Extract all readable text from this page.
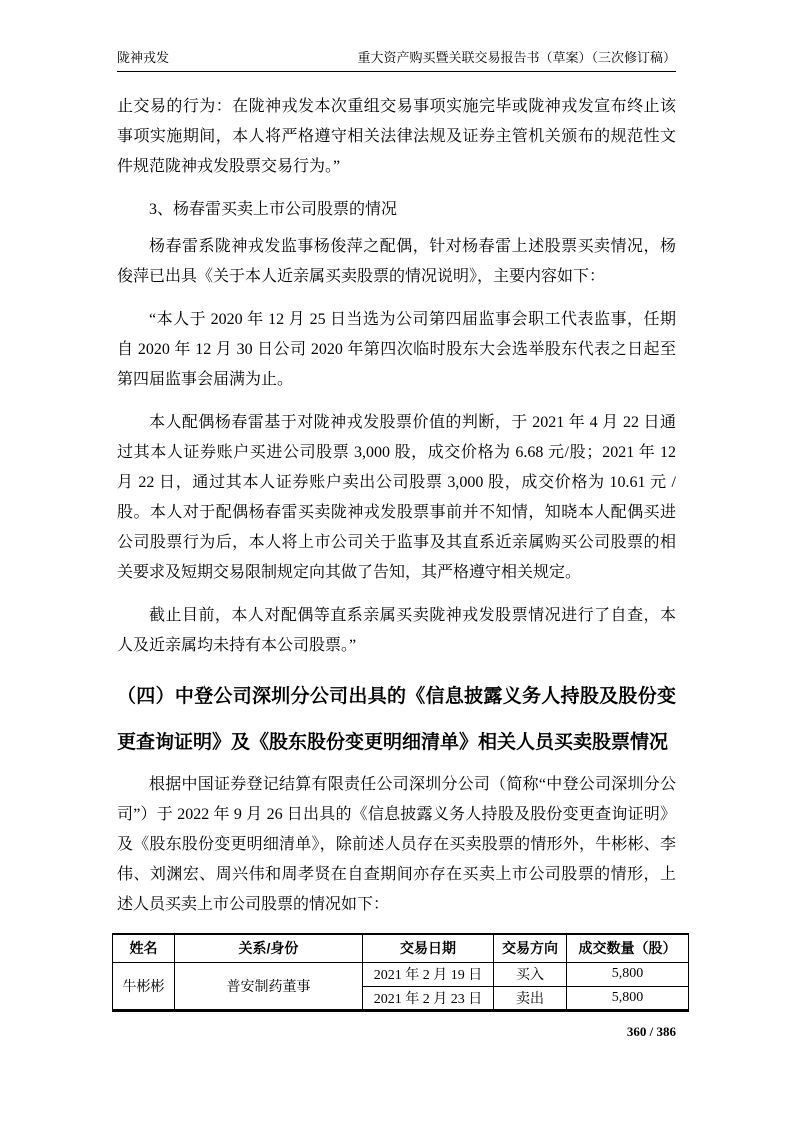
陇神戎发	重大资产购买暨关联交易报告书（草案）（三次修订稿）

止交易的行为：在陇神戎发本次重组交易事项实施完毕或陇神戎发宣布终止该事项实施期间，本人将严格遵守相关法律法规及证券主管机关颁布的规范性文件规范陇神戎发股票交易行为。”

3、杨春雷买卖上市公司股票的情况

杨春雷系陇神戎发监事杨俊萍之配偶，针对杨春雷上述股票买卖情况，杨俊萍已出具《关于本人近亲属买卖股票的情况说明》，主要内容如下：

“本人于 2020 年 12 月 25 日当选为公司第四届监事会职工代表监事，任期自 2020 年 12 月 30 日公司 2020 年第四次临时股东大会选举股东代表之日起至第四届监事会届满为止。

本人配偶杨春雷基于对陇神戎发股票价值的判断，于 2021 年 4 月 22 日通过其本人证券账户买进公司股票 3,000 股，成交价格为 6.68 元/股；2021 年 12 月 22 日，通过其本人证券账户卖出公司股票 3,000 股，成交价格为 10.61 元 / 股。本人对于配偶杨春雷买卖陇神戎发股票事前并不知情，知晓本人配偶买进公司股票行为后，本人将上市公司关于监事及其直系近亲属购买公司股票的相关要求及短期交易限制规定向其做了告知，其严格遵守相关规定。

截止目前，本人对配偶等直系亲属买卖陇神戎发股票情况进行了自查，本人及近亲属均未持有本公司股票。”

（四）中登公司深圳分公司出具的《信息披露义务人持股及股份变更查询证明》及《股东股份变更明细清单》相关人员买卖股票情况

根据中国证券登记结算有限责任公司深圳分公司（简称“中登公司深圳分公司”）于 2022 年 9 月 26 日出具的《信息披露义务人持股及股份变更查询证明》及《股东股份变更明细清单》，除前述人员存在买卖股票的情形外，牛彬彬、李伟、刘渊宏、周兴伟和周孝贤在自查期间亦存在买卖上市公司股票的情形，上述人员买卖上市公司股票的情况如下：

姓名	关系/身份	交易日期	交易方向	成交数量（股）
牛彬彬	普安制药董事	2021 年 2 月 19 日	买入	5,800
		2021 年 2 月 23 日	卖出	5,800
360 / 386
